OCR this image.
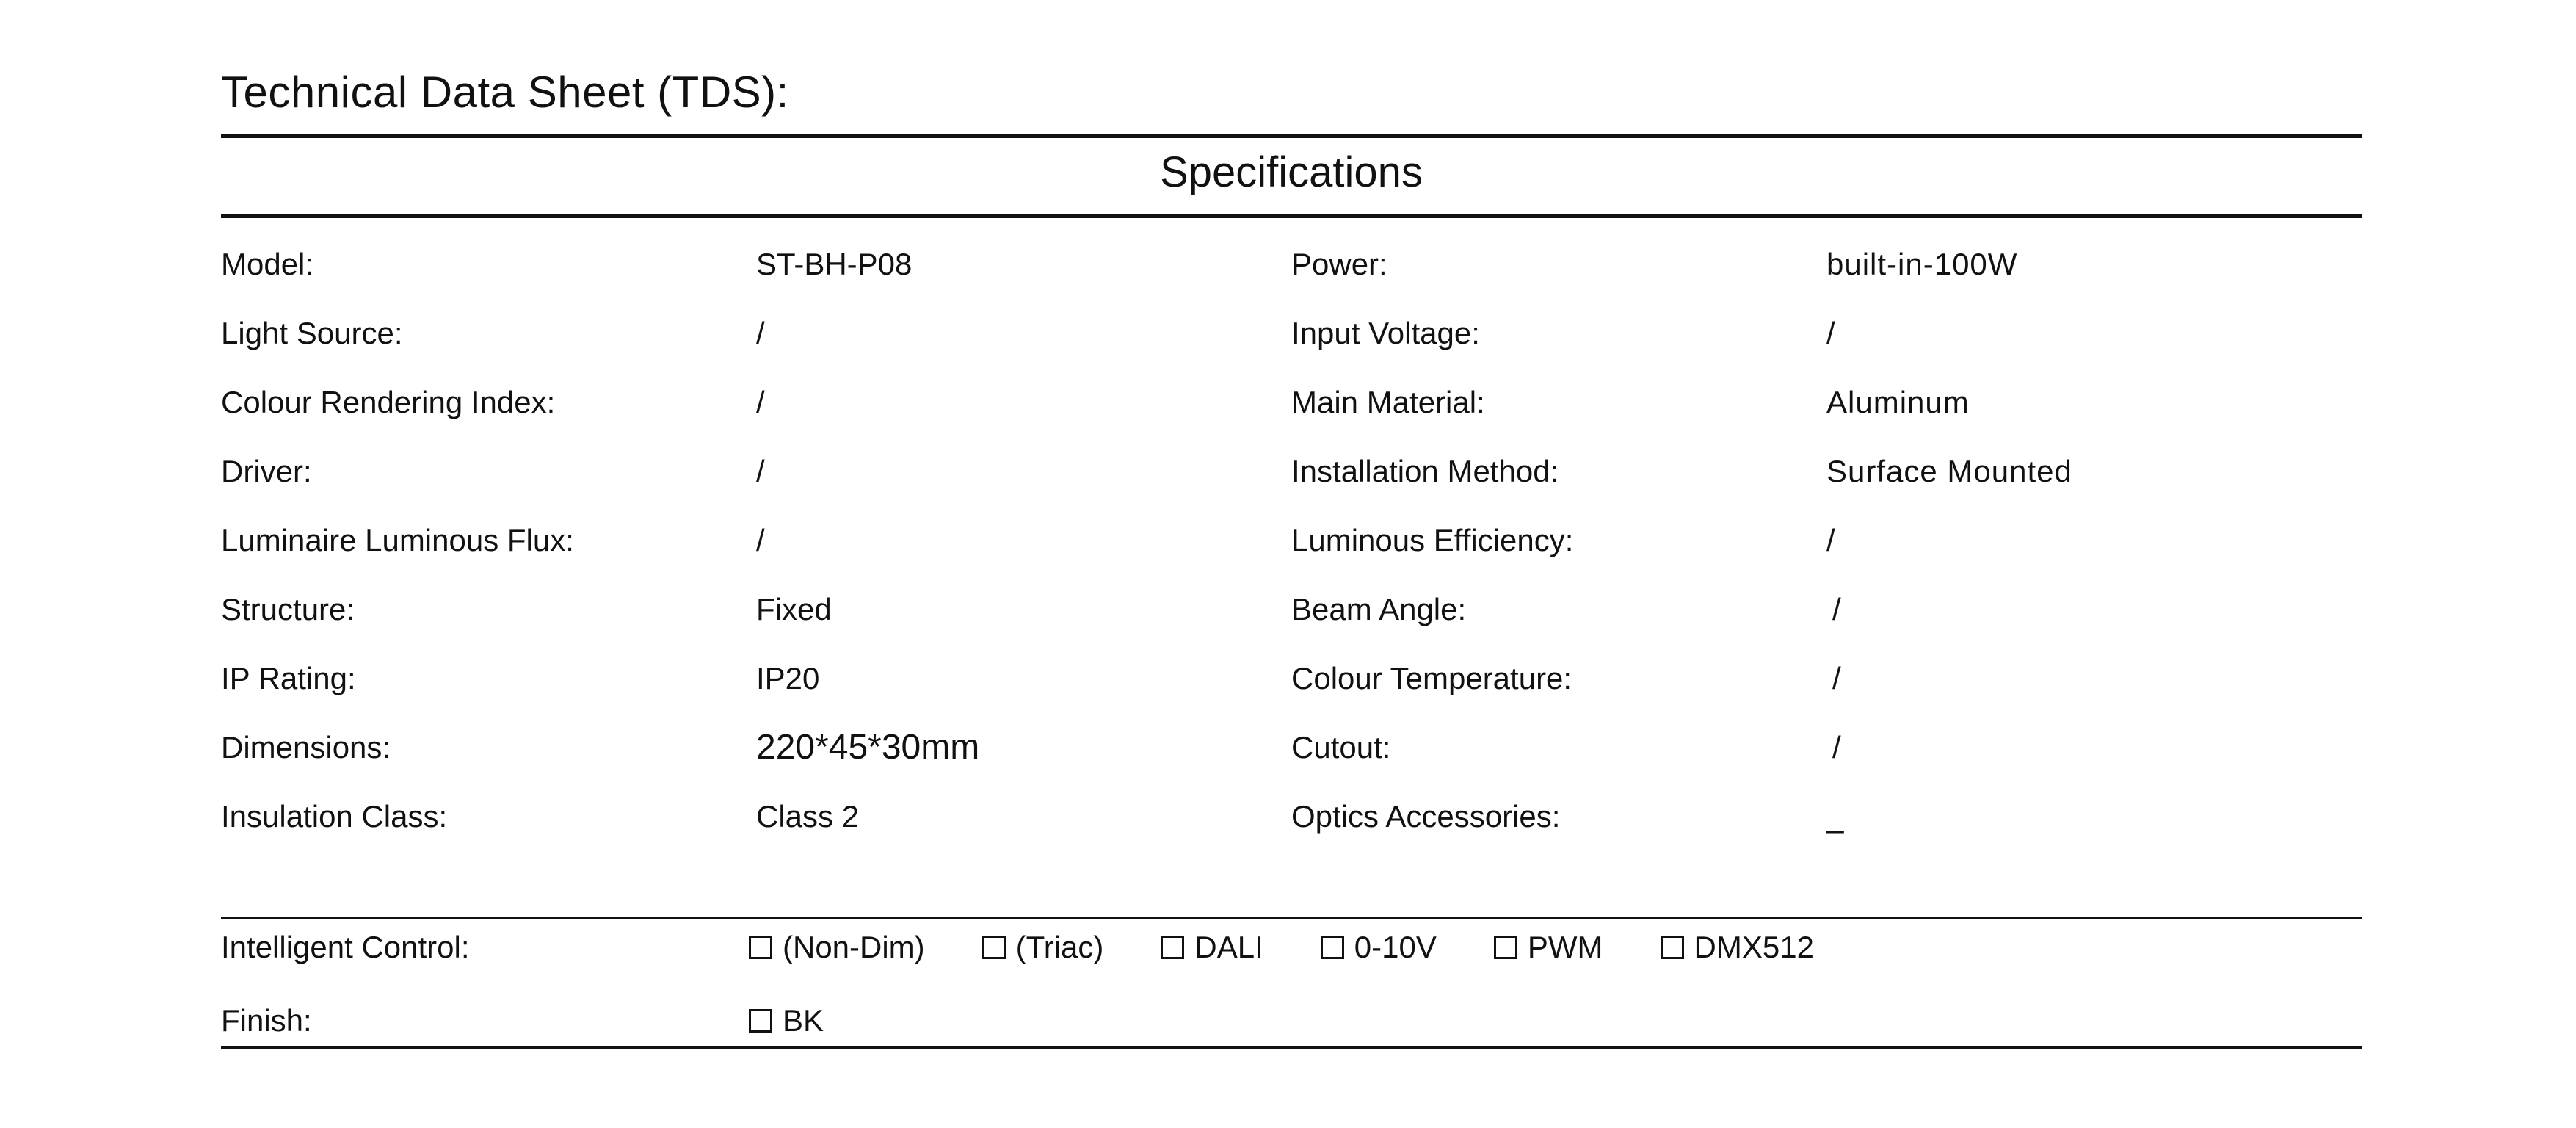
Technical Data Sheet (TDS):
Specifications
Model:	ST-BH-P08	Power:	built-in-100W
Light Source:	/	Input Voltage:	/
Colour Rendering Index:	/	Main Material:	Aluminum
Driver:	/	Installation Method:	Surface Mounted
Luminaire Luminous Flux:	/	Luminous Efficiency:	/
Structure:	Fixed	Beam Angle:	/
IP Rating:	IP20	Colour Temperature:	/
Dimensions:	220*45*30mm	Cutout:	/
Insulation Class:	Class 2	Optics Accessories:	_
Intelligent Control:	(Non-Dim)	(Triac)	DALI	0-10V	PWM	DMX512
Finish:	BK
